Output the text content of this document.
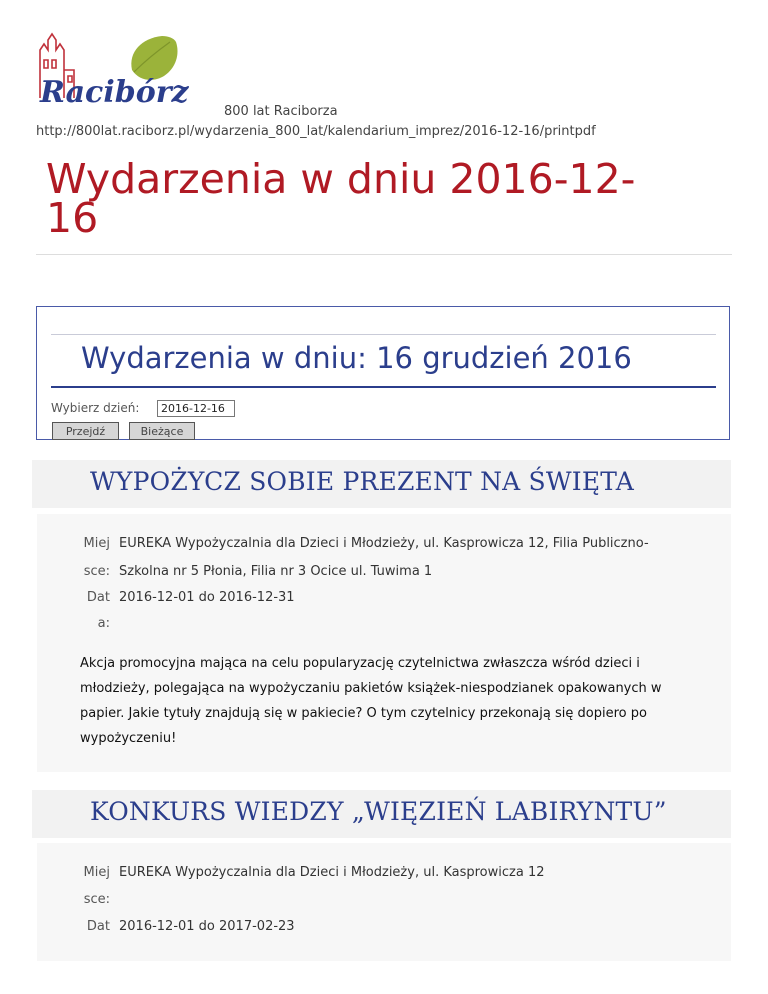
Racibórz
800 lat Raciborza
http://800lat.raciborz.pl/wydarzenia_800_lat/kalendarium_imprez/2016-12-16/printpdf
Wydarzenia w dniu 2016-12-16
Wydarzenia w dniu: 16 grudzień 2016
Wybierz dzień:
2016-12-16
Przejdź	Bieżące
WYPOŻYCZ SOBIE PREZENT NA ŚWIĘTA
Miej EUREKA Wypożyczalnia dla Dzieci i Młodzieży, ul. Kasprowicza 12, Filia Publiczno-
sce: Szkolna nr 5 Płonia, Filia nr 3 Ocice ul. Tuwima 1
Dat 2016-12-01 do 2016-12-31
a:

Akcja promocyjna mająca na celu popularyzację czytelnictwa zwłaszcza wśród dzieci i
młodzieży, polegająca na wypożyczaniu pakietów książek-niespodzianek opakowanych w
papier. Jakie tytuły znajdują się w pakiecie? O tym czytelnicy przekonają się dopiero po
wypożyczeniu!

KONKURS WIEDZY „WIĘZIEŃ LABIRYNTU”
Miej EUREKA Wypożyczalnia dla Dzieci i Młodzieży, ul. Kasprowicza 12
sce:
Dat 2016-12-01 do 2017-02-23
